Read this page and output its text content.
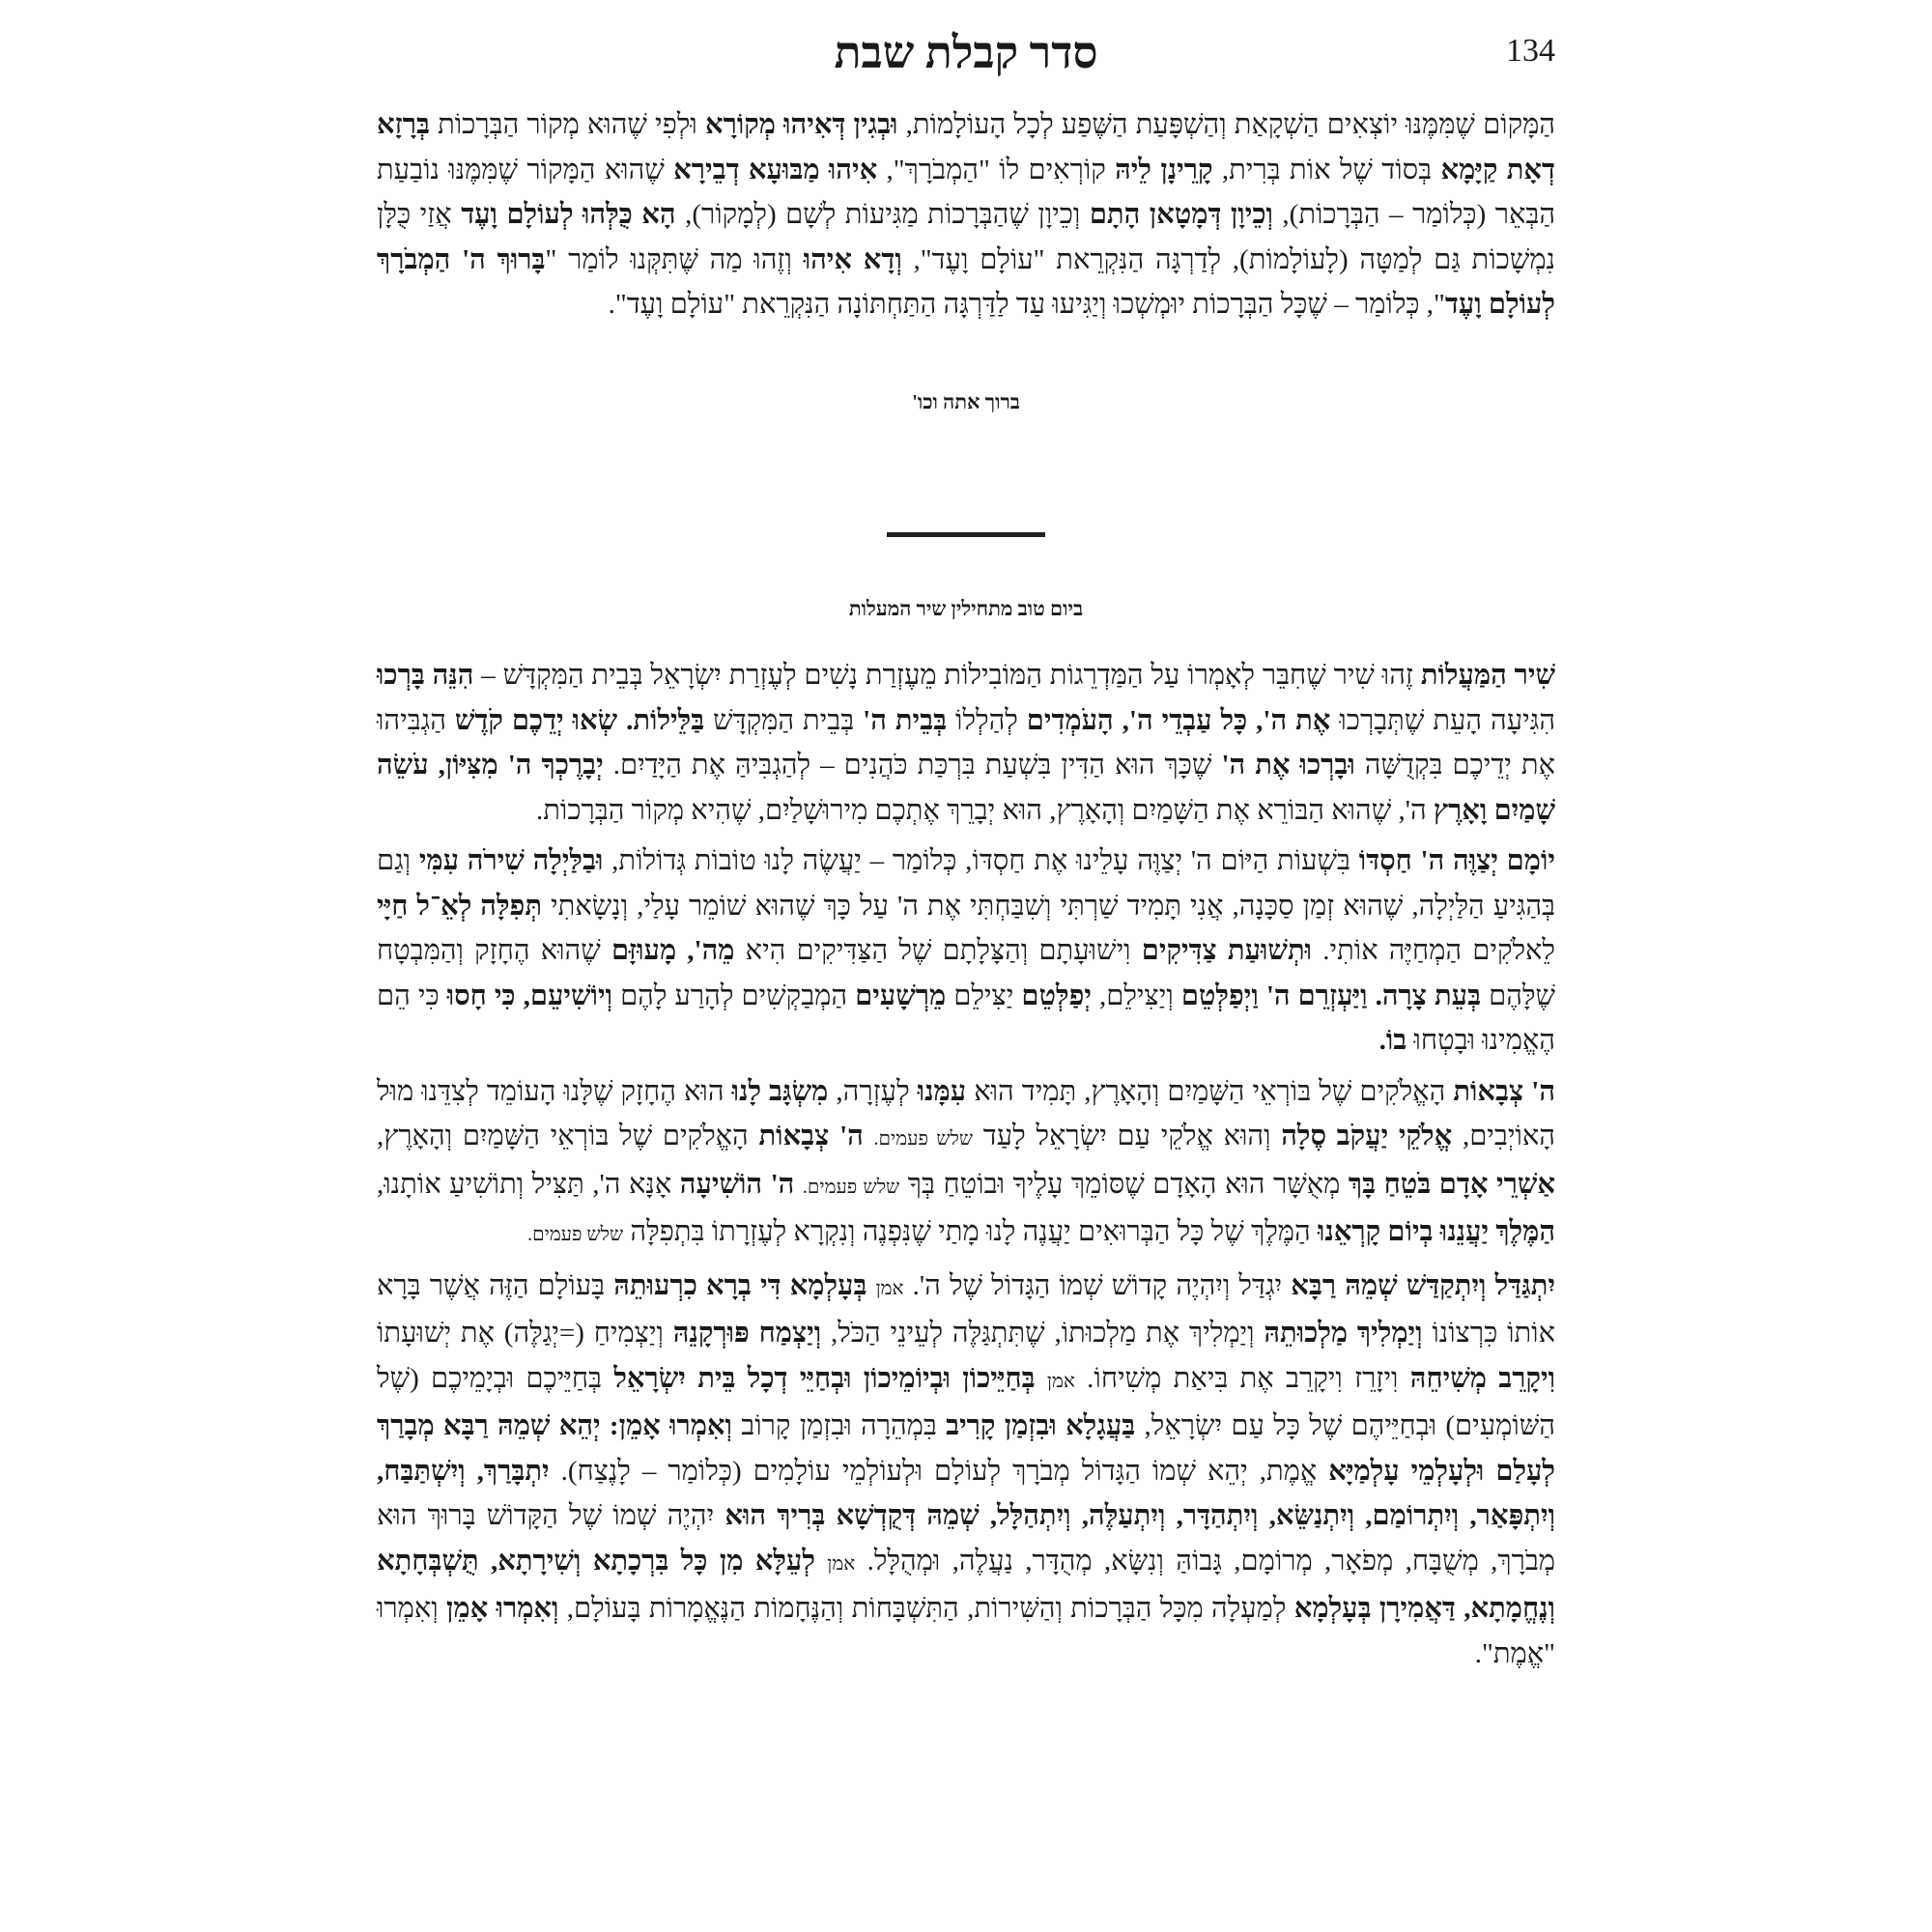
134
סדר קבלת שבת

הַמָּקוֹם שֶׁמִּמֶּנּוּ יוֹצְאִים הַשְׁקָאַת וְהַשְׁפָּעַת הַשֶּׁפַע לְכָל הָעוֹלָמוֹת, וּבְגִין דְּאִיהוּ מְקוֹרָא וּלְפִי שֶׁהוּא מְקוֹר הַבְּרָכוֹת בְּרָזָא דְאָת קַיָּמָא בְּסוֹד שֶׁל אוֹת בְּרִית, קָרֵינָן לֵיהּ קוֹרְאִים לוֹ "הַמְבֹרָךְ", אִיהוּ מַבּוּעָא דְבֵירָא שֶׁהוּא הַמָּקוֹר שֶׁמִּמֶּנּוּ נוֹבַעַת הַבְּאֵר (כְּלוֹמַר – הַבְּרָכוֹת), וְכֵיוָן דְּמָטָאן הָתָם וְכֵיוָן שֶׁהַבְּרָכוֹת מַגִּיעוֹת לְשָׁם (לְמָקוֹר), הָא כֻּלְּהוּ לְעוֹלָם וָעֶד אֲזַי כֻּלָּן נִמְשָׁכוֹת גַּם לְמַטָּה (לָעוֹלָמוֹת), לְדַרְגָּה הַנִּקְרֵאת "עוֹלָם וָעֶד", וְדָא אִיהוּ וְזֶהוּ מַה שֶּׁתִּקְּנוּ לוֹמַר "בָּרוּךְ ה' הַמְבֹרָךְ לְעוֹלָם וָעֶד", כְּלוֹמַר – שֶׁכָּל הַבְּרָכוֹת יוּמְשְׁכוּ וְיַגִּיעוּ עַד לַדַּרְגָּה הַתַּחְתּוֹנָה הַנִּקְרֵאת "עוֹלָם וָעֶד".

ברוך אתה וכו'
ביום טוב מתחילין שיר המעלות

שִׁיר הַמַּעֲלוֹת זֶהוּ שִׁיר שֶׁחִבֵּר לְאָמְרוֹ עַל הַמַּדְרֵגוֹת הַמּוֹבִילוֹת מֵעֶזְרַת נָשִׁים לְעֶזְרַת יִשְׂרָאֵל בְּבֵית הַמִּקְדָּשׁ – הִנֵּה בָּרְכוּ הִגִּיעָה הָעֵת שֶׁתְּבָרְכוּ אֶת ה', כָּל עַבְדֵי ה', הָעֹמְדִים לְהַלְלוֹ בְּבֵית ה' בְּבֵית הַמִּקְדָּשׁ בַּלֵּילוֹת. שְׂאוּ יְדֵכֶם קֹדֶשׁ הַגְבִּיהוּ אֶת יְדֵיכֶם בִּקְדֻשָּׁה וּבָרְכוּ אֶת ה' שֶׁכָּךְ הוּא הַדִּין בִּשְׁעַת בִּרְכַּת כֹּהֲנִים – לְהַגְבִּיהַּ אֶת הַיָּדַיִם. יְבָרֶכְךָ ה' מִצִּיּוֹן, עֹשֵׂה שָׁמַיִם וָאָרֶץ ה', שֶׁהוּא הַבּוֹרֵא אֶת הַשָּׁמַיִם וְהָאָרֶץ, הוּא יְבָרֵךְ אֶתְכֶם מִירוּשָׁלַיִם, שֶׁהִיא מְקוֹר הַבְּרָכוֹת.

יוֹמָם יְצַוֶּה ה' חַסְדּוֹ בִּשְׁעוֹת הַיּוֹם ה' יְצַוֶּה עָלֵינוּ אֶת חַסְדּוֹ, כְּלוֹמַר – יַעֲשֶׂה לָנוּ טוֹבוֹת גְּדוֹלוֹת, וּבַלַּיְלָה שִׁירֹה עִמִּי וְגַם בְּהַגִּיעַ הַלַּיְלָה, שֶׁהוּא זְמַן סַכָּנָה, אֲנִי תָּמִיד שַׁרְתִּי וְשִׁבַּחְתִּי אֶת ה' עַל כָּךְ שֶׁהוּא שׁוֹמֵר עָלַי, וְנָשָׂאתִי תְּפִלָּה לְאֵ־ל חַיָּי לֵאלֹקִים הַמְחַיֶּה אוֹתִי. וּתְשׁוּעַת צַדִּיקִים וִישׁוּעָתָם וְהַצָּלָתָם שֶׁל הַצַּדִּיקִים הִיא מֵה', מָעוּזָּם שֶׁהוּא הֶחָזָק וְהַמִּבְטָח שֶׁלָּהֶם בְּעֵת צָרָה. וַיַּעְזְרֵם ה' וַיְפַלְּטֵם וְיַצִּילֵם, יְפַלְּטֵם יַצִּילֵם מֵרְשָׁעִים הַמְבַקְשִׁים לְהָרַע לָהֶם וְיוֹשִׁיעֵם, כִּי חָסוּ כִּי הֵם הֶאֱמִינוּ וּבָטְחוּ בוֹ.

ה' צְבָאוֹת הָאֱלֹקִים שֶׁל בּוֹרְאֵי הַשָּׁמַיִם וְהָאָרֶץ, תָּמִיד הוּא עִמָּנוּ לְעֶזְרָה, מִשְׂגָּב לָנוּ הוּא הֶחָזָק שֶׁלָּנוּ הָעוֹמֵד לְצִדֵּנוּ מוּל הָאוֹיְבִים, אֱלֹקֵי יַעֲקֹב סֶלָה וְהוּא אֱלֹקֵי עַם יִשְׂרָאֵל לָעַד שלש פעמים. ה' צְבָאוֹת הָאֱלֹקִים שֶׁל בּוֹרְאֵי הַשָּׁמַיִם וְהָאָרֶץ, אַשְׁרֵי אָדָם בֹּטֵחַ בָּךְ מְאֻשָּׁר הוּא הָאָדָם שֶׁסּוֹמֵךְ עָלֶיךָ וּבוֹטֵחַ בְּךָ שלש פעמים. ה' הוֹשִׁיעָה אָנָּא ה', תַּצִּיל וְתוֹשִׁיעַ אוֹתָנוּ, הַמֶּלֶךְ יַעֲנֵנוּ בְיוֹם קָרְאֵנוּ הַמֶּלֶךְ שֶׁל כָּל הַבְּרוּאִים יַעֲנֶה לָנוּ מָתַי שֶׁנִּפְנֶה וְנִקְרָא לְעֶזְרָתוֹ בִּתְפִלָּה שלש פעמים.

יִתְגַּדַּל וְיִתְקַדַּשׁ שְׁמֵהּ רַבָּא יִגְדַּל וְיִהְיֶה קָדוֹשׁ שְׁמוֹ הַגָּדוֹל שֶׁל ה'. אמן בְּעָלְמָא דִּי בְרָא כִרְעוּתֵהּ בָּעוֹלָם הַזֶּה אֲשֶׁר בָּרָא אוֹתוֹ כִּרְצוֹנוֹ וְיַמְלִיךְ מַלְכוּתֵהּ וְיַמְלִיךְ אֶת מַלְכוּתוֹ, שֶׁתִּתְגַּלֶּה לְעֵינֵי הַכֹּל, וְיַצְמַח פּוּרְקָנֵהּ וְיַצְמִיחַ (=יְגַלֶּה) אֶת יְשׁוּעָתוֹ וִיקָרֵב מְשִׁיחֵהּ וִיזָרֵז וִיקָרֵב אֶת בִּיאַת מְשִׁיחוֹ. אמן בְּחַיֵּיכוֹן וּבְיוֹמֵיכוֹן וּבְחַיֵּי דְכָל בֵּית יִשְׂרָאֵל בְּחַיֵּיכֶם וּבְיָמֵיכֶם (שֶׁל הַשּׁוֹמְעִים) וּבְחַיֵּיהֶם שֶׁל כָּל עַם יִשְׂרָאֵל, בַּעֲגָלָא וּבִזְמַן קָרִיב בִּמְהֵרָה וּבִזְמַן קָרוֹב וְאִמְרוּ אָמֵן: יְהֵא שְׁמֵהּ רַבָּא מְבָרַךְ לְעָלַם וּלְעָלְמֵי עָלְמַיָּא אֱמֶת, יְהֵא שְׁמוֹ הַגָּדוֹל מְבֹרָךְ לְעוֹלָם וּלְעוֹלְמֵי עוֹלָמִים (כְּלוֹמַר – לָנֶצַח). יִתְבָּרַךְ, וְיִשְׁתַּבַּח, וְיִתְפָּאַר, וְיִתְרוֹמַם, וְיִתְנַשֵּׂא, וְיִתְהַדָּר, וְיִתְעַלֶּה, וְיִתְהַלָּל, שְׁמֵהּ דְּקֻדְשָׁא בְּרִיךְ הוּא יִהְיֶה שְׁמוֹ שֶׁל הַקָּדוֹשׁ בָּרוּךְ הוּא מְבֹרָךְ, מְשֻׁבָּח, מְפֹאָר, מְרוֹמָם, גָּבוֹהַּ וְנִשָּׂא, מְהֻדָּר, נַעֲלֶה, וּמְהֻלָּל. אמן לְעֵלָּא מִן כָּל בִּרְכָתָא וְשִׁירָתָא, תֻּשְׁבְּחָתָא וְנֶחֱמָתָא, דַּאֲמִירָן בְּעָלְמָא לְמַעְלָה מִכָּל הַבְּרָכוֹת וְהַשִּׁירוֹת, הַתִּשְׁבָּחוֹת וְהַנֶּחָמוֹת הַנֶּאֱמָרוֹת בָּעוֹלָם, וְאִמְרוּ אָמֵן וְאִמְרוּ "אֱמֶת".
